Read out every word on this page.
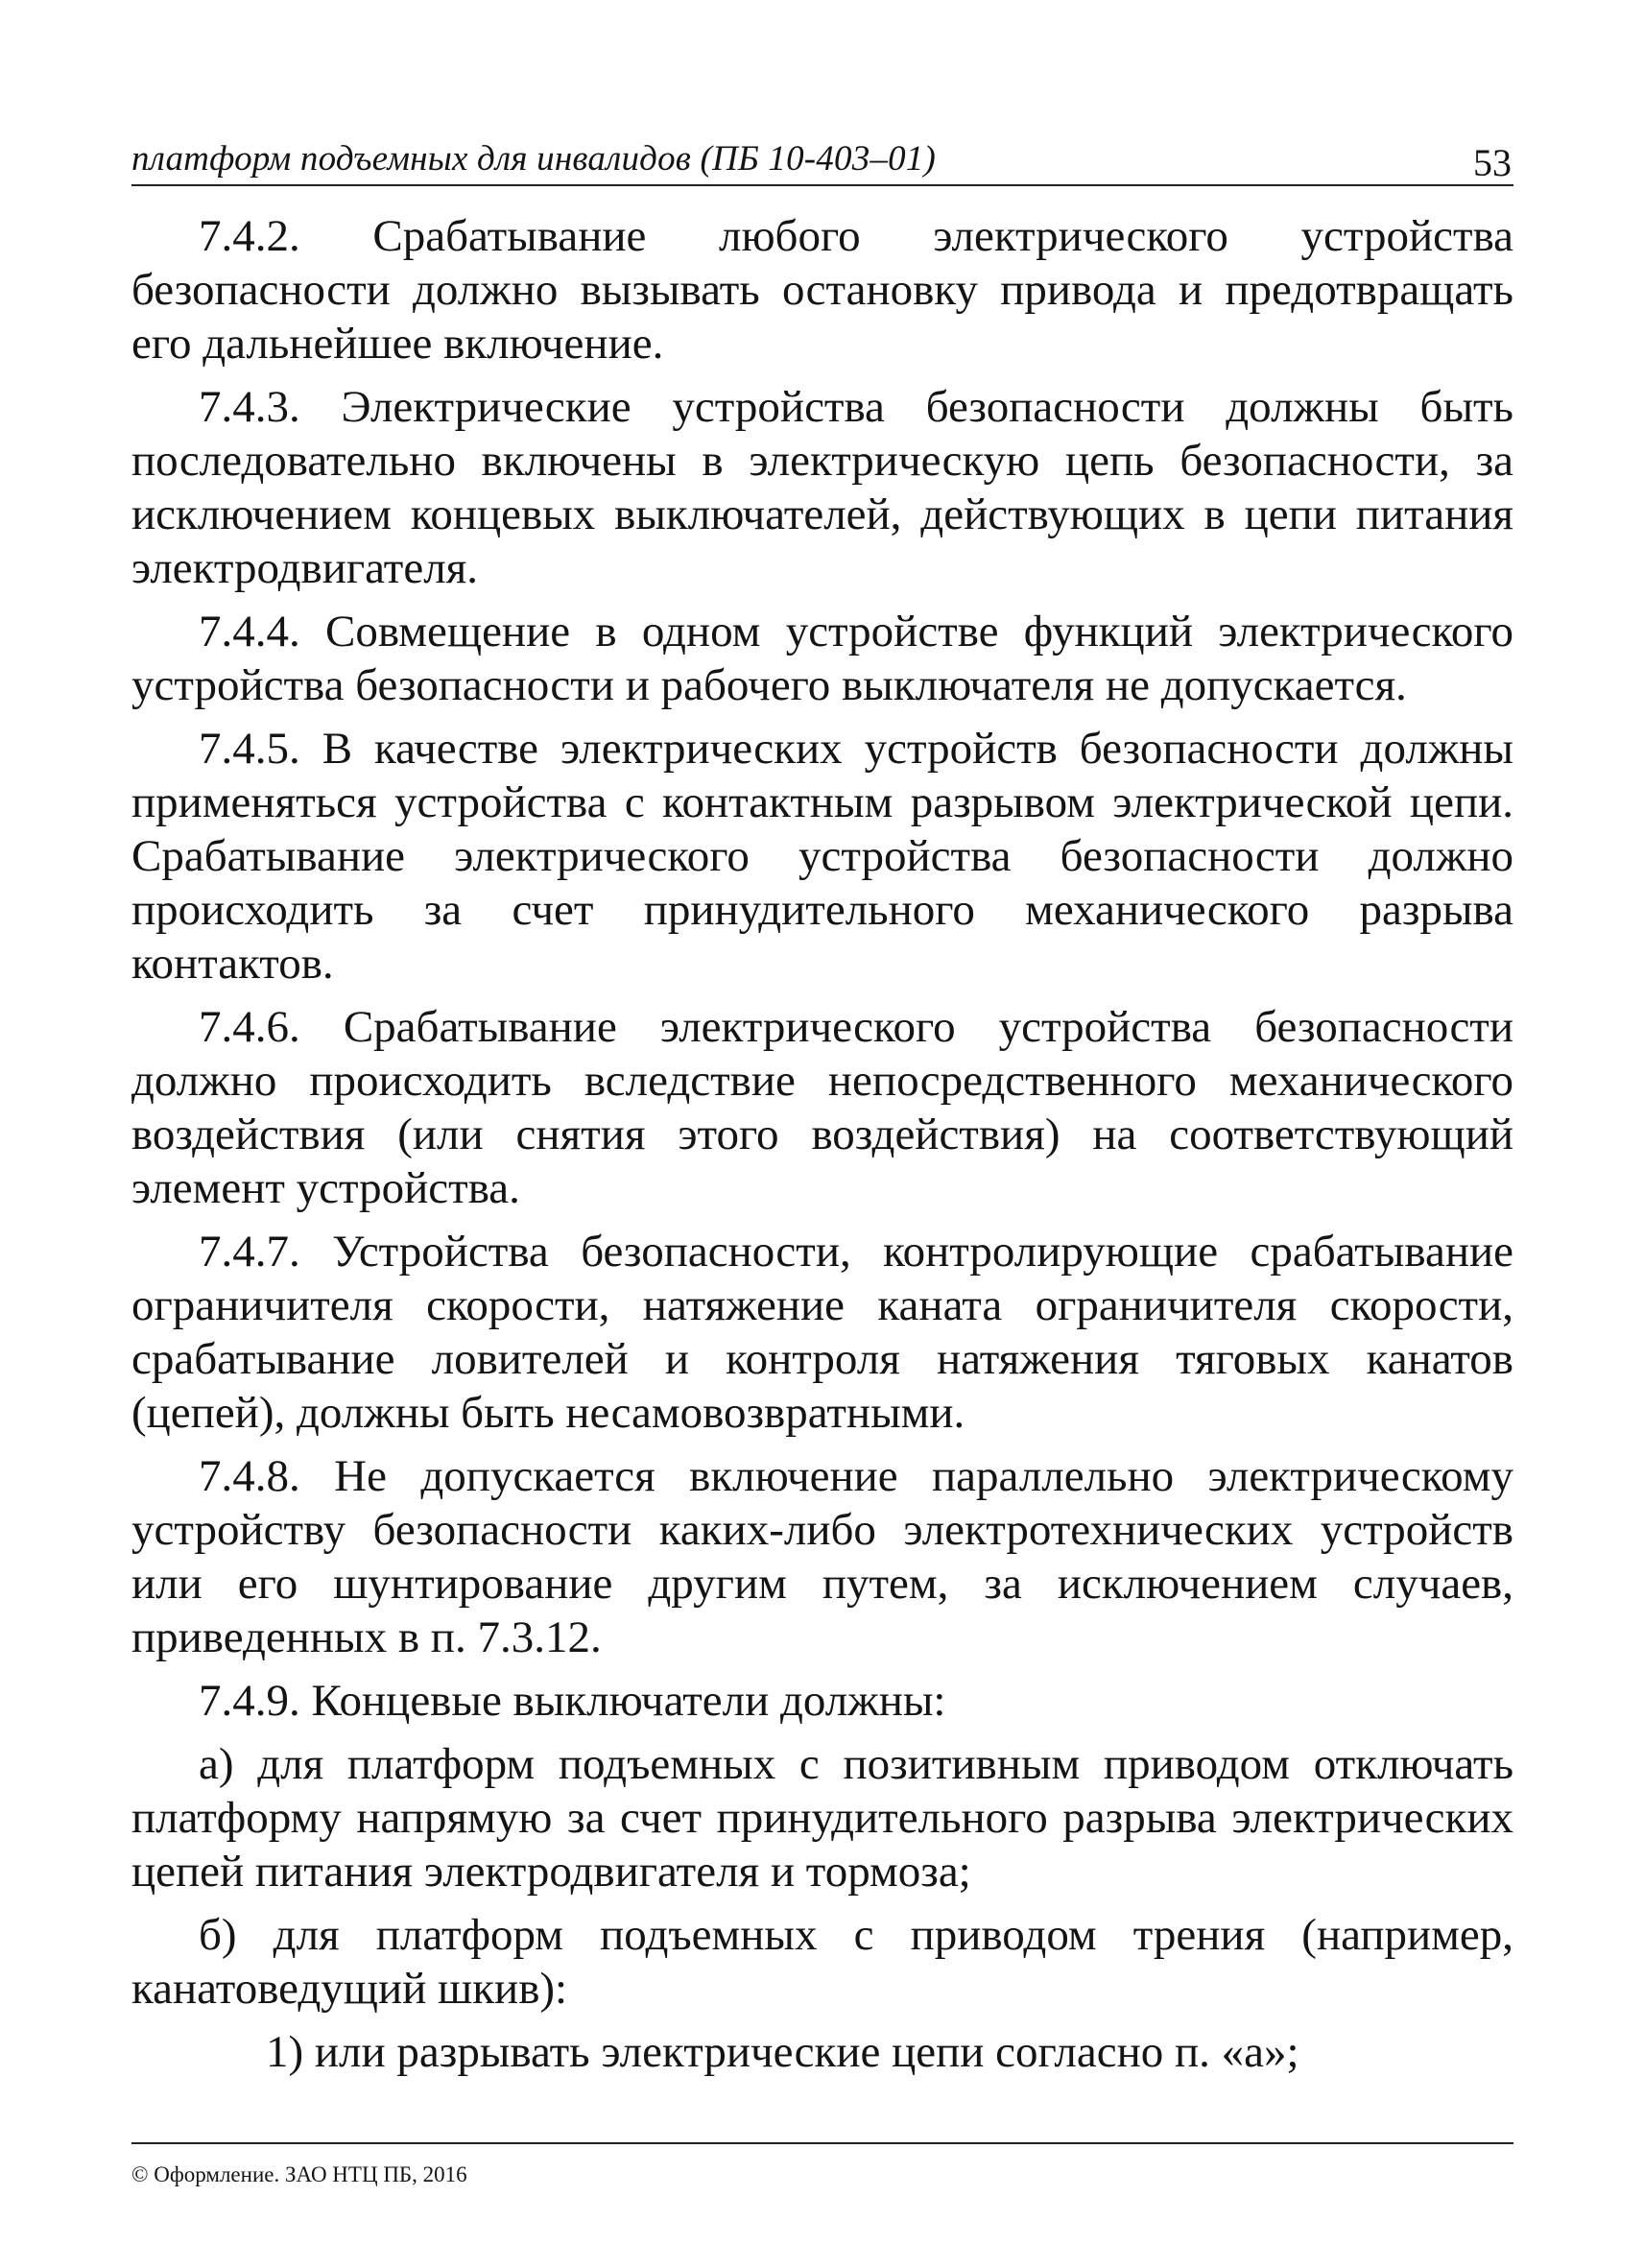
платформ подъемных для инвалидов (ПБ 10-403–01)	53

7.4.2. Срабатывание любого электрического устройства безопасности должно вызывать остановку привода и предотвращать его дальнейшее включение.

7.4.3. Электрические устройства безопасности должны быть последовательно включены в электрическую цепь безопасности, за исключением концевых выключателей, действующих в цепи питания электродвигателя.

7.4.4. Совмещение в одном устройстве функций электрического устройства безопасности и рабочего выключателя не допускается.

7.4.5. В качестве электрических устройств безопасности должны применяться устройства с контактным разрывом электрической цепи. Срабатывание электрического устройства безопасности должно происходить за счет принудительного механического разрыва контактов.

7.4.6. Срабатывание электрического устройства безопасности должно происходить вследствие непосредственного механического воздействия (или снятия этого воздействия) на соответствующий элемент устройства.

7.4.7. Устройства безопасности, контролирующие срабатывание ограничителя скорости, натяжение каната ограничителя скорости, срабатывание ловителей и контроля натяжения тяговых канатов (цепей), должны быть несамовозвратными.

7.4.8. Не допускается включение параллельно электрическому устройству безопасности каких-либо электротехнических устройств или его шунтирование другим путем, за исключением случаев, приведенных в п. 7.3.12.

7.4.9. Концевые выключатели должны:

а) для платформ подъемных с позитивным приводом отключать платформу напрямую за счет принудительного разрыва электрических цепей питания электродвигателя и тормоза;

б) для платформ подъемных с приводом трения (например, канатоведущий шкив):

1) или разрывать электрические цепи согласно п. «а»;

© Оформление. ЗАО НТЦ ПБ, 2016
